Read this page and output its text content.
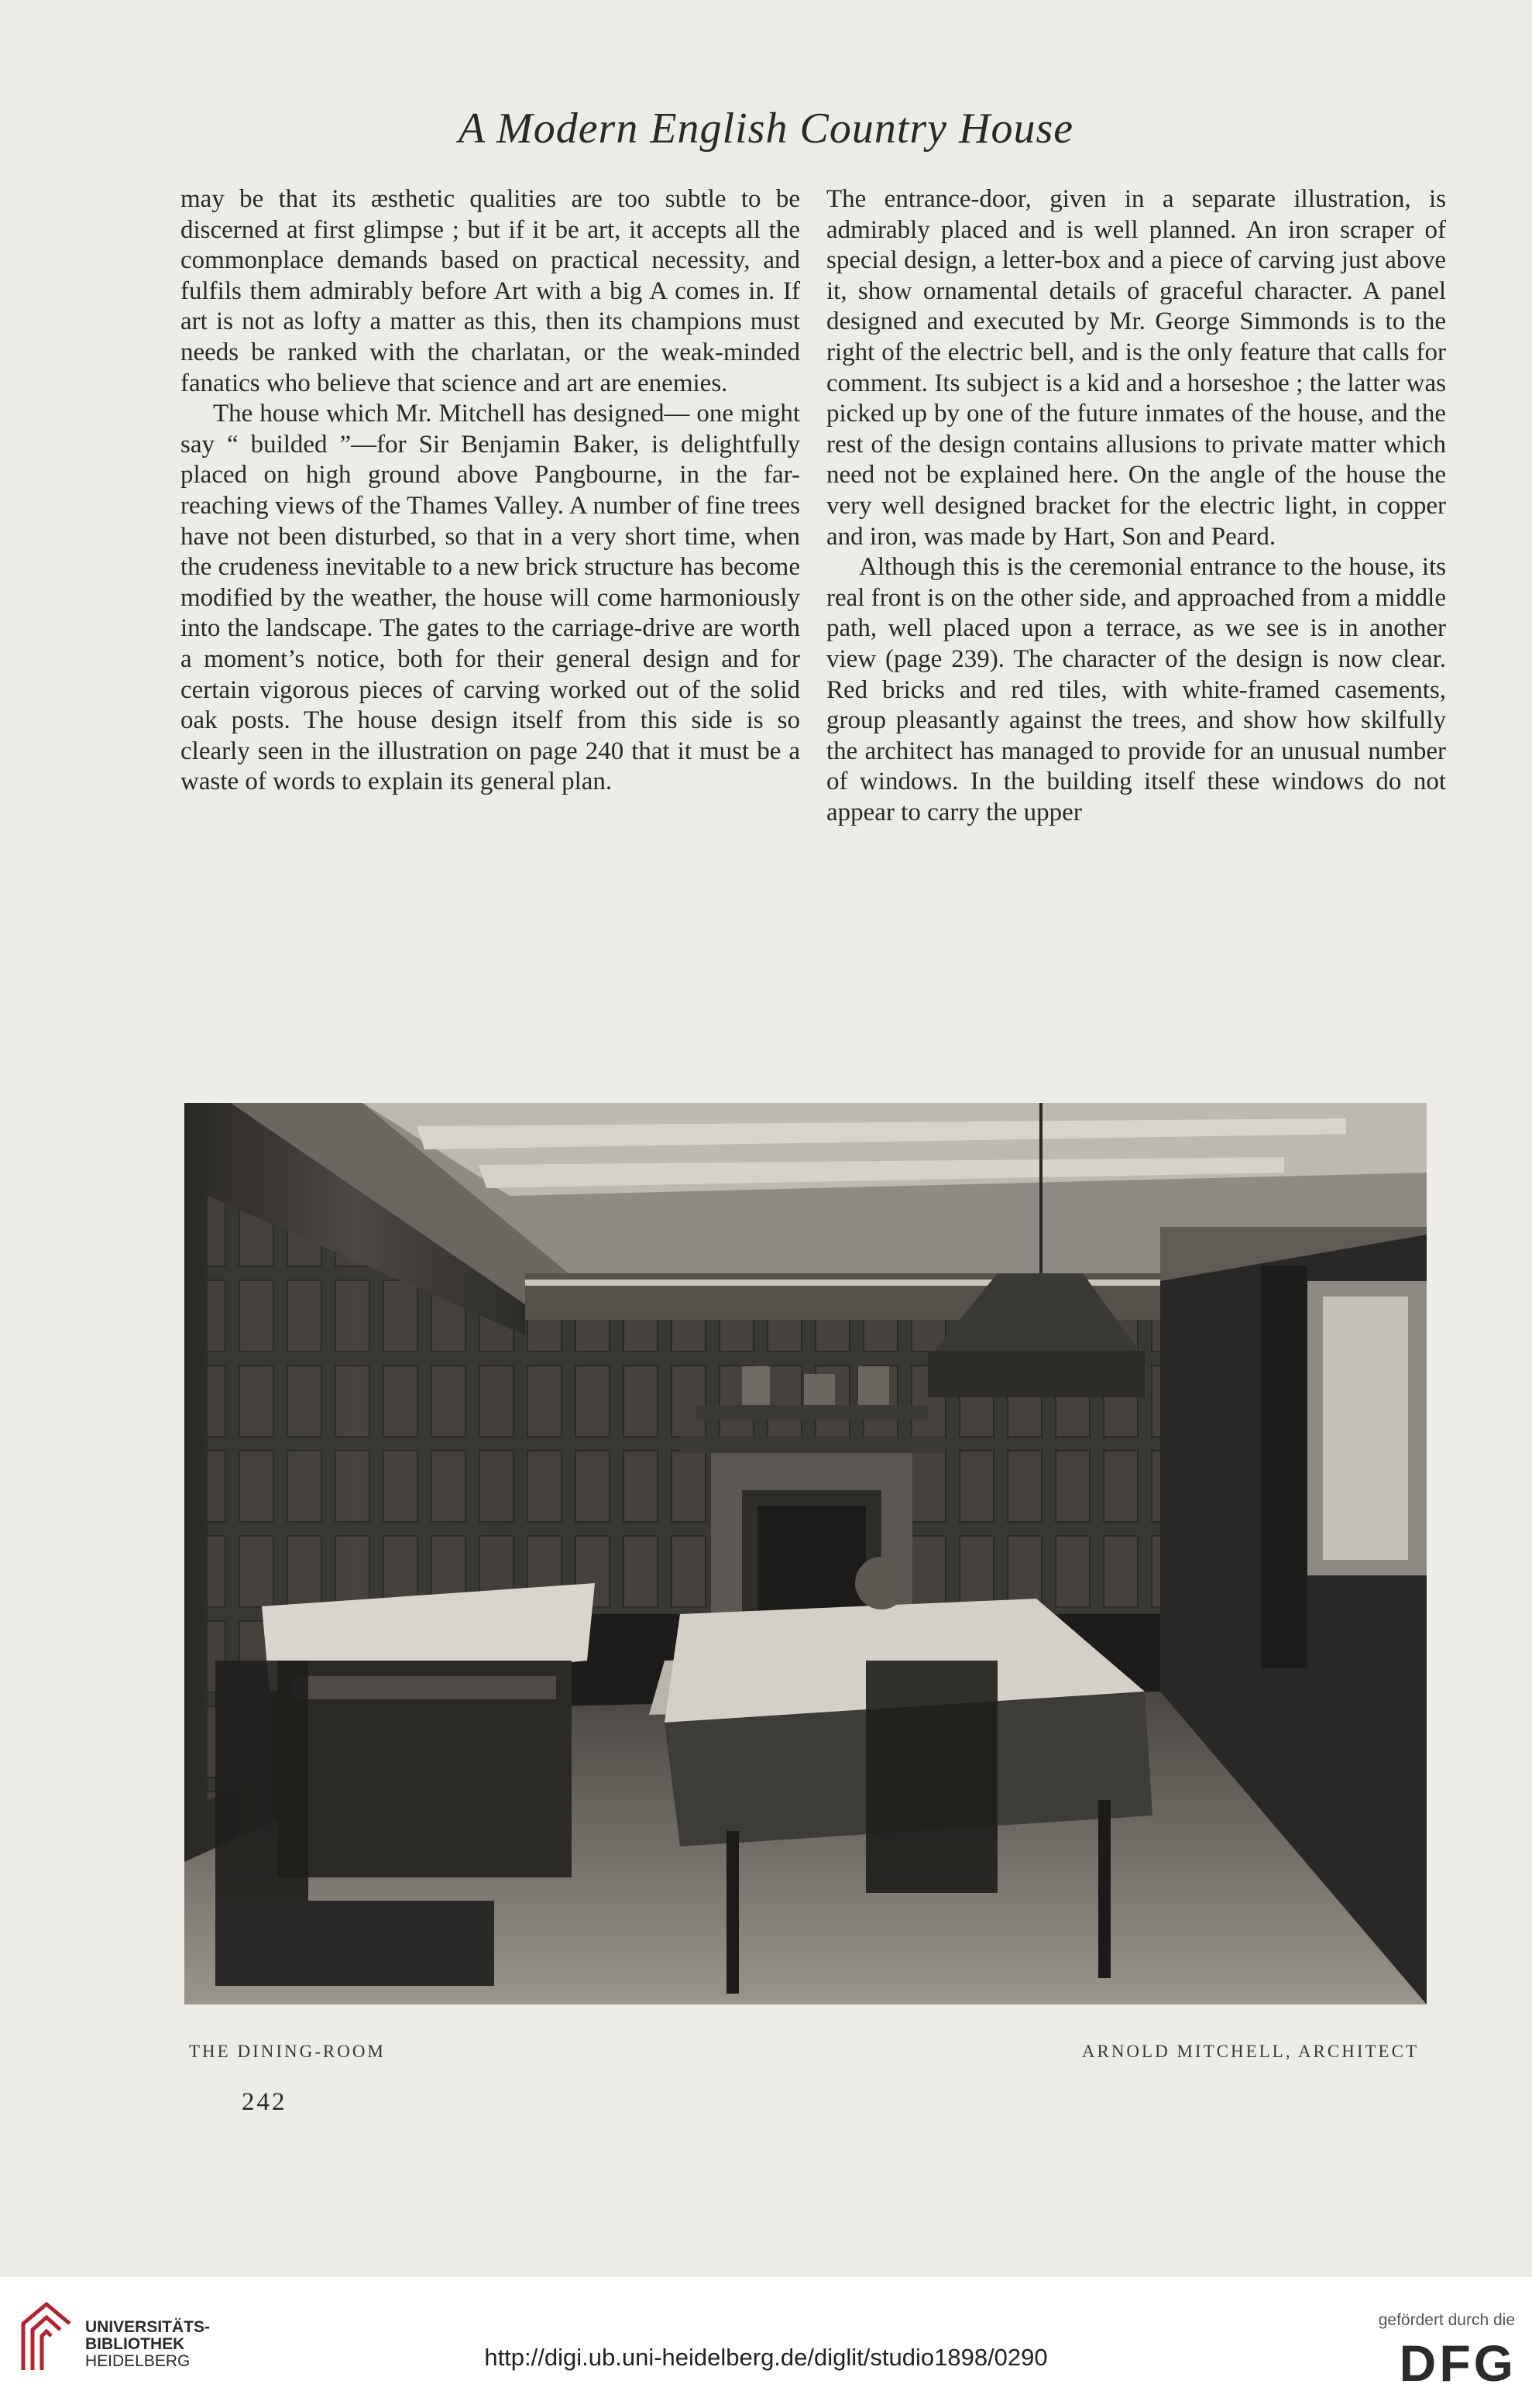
A Modern English Country House

may be that its æsthetic qualities are too subtle to be discerned at first glimpse ; but if it be art, it accepts all the commonplace demands based on practical necessity, and fulfils them admirably before Art with a big A comes in. If art is not as lofty a matter as this, then its champions must needs be ranked with the charlatan, or the weak-minded fanatics who believe that science and art are enemies.

The house which Mr. Mitchell has designed— one might say “ builded ”—for Sir Benjamin Baker, is delightfully placed on high ground above Pangbourne, in the far-reaching views of the Thames Valley. A number of fine trees have not been disturbed, so that in a very short time, when the crudeness inevitable to a new brick structure has become modified by the weather, the house will come harmoniously into the landscape. The gates to the carriage-drive are worth a moment’s notice, both for their general design and for certain vigorous pieces of carving worked out of the solid oak posts. The house design itself from this side is so clearly seen in the illustration on page 240 that it must be a waste of words to explain its general plan.

The entrance-door, given in a separate illustration, is admirably placed and is well planned. An iron scraper of special design, a letter-box and a piece of carving just above it, show ornamental details of graceful character. A panel designed and executed by Mr. George Simmonds is to the right of the electric bell, and is the only feature that calls for comment. Its subject is a kid and a horseshoe ; the latter was picked up by one of the future inmates of the house, and the rest of the design contains allusions to private matter which need not be explained here. On the angle of the house the very well designed bracket for the electric light, in copper and iron, was made by Hart, Son and Peard.

Although this is the ceremonial entrance to the house, its real front is on the other side, and approached from a middle path, well placed upon a terrace, as we see is in another view (page 239). The character of the design is now clear. Red bricks and red tiles, with white-framed casements, group pleasantly against the trees, and show how skilfully the architect has managed to provide for an unusual number of windows. In the building itself these windows do not appear to carry the upper

THE DINING-ROOM	ARNOLD MITCHELL, ARCHITECT
242
UNIVERSITÄTS-
BIBLIOTHEK
HEIDELBERG	http://digi.ub.uni-heidelberg.de/diglit/studio1898/0290
gefördert durch die
DFG
